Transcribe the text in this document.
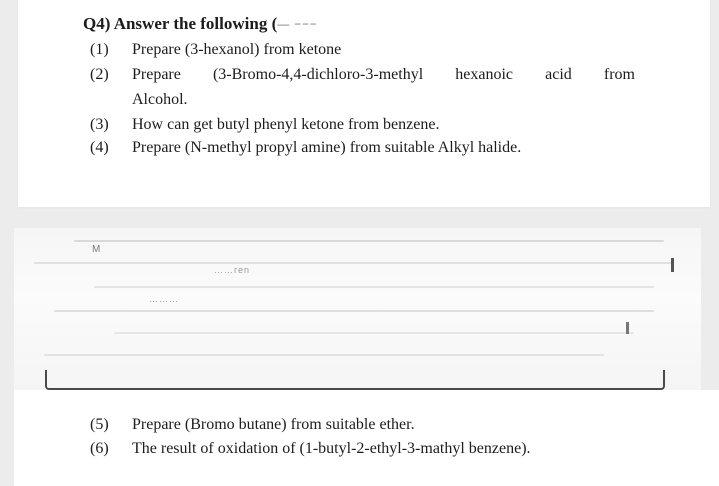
M
……ren
………
Q4) Answer the following (— −−−
(1) Prepare (3-hexanol) from ketone
(2) Prepare (3-Bromo-4,4-dichloro-3-methyl hexanoic acid from
Alcohol.
(3) How can get butyl phenyl ketone from benzene.
(4) Prepare (N-methyl propyl amine) from suitable Alkyl halide.
(5) Prepare (Bromo butane) from suitable ether.
(6) The result of oxidation of (1-butyl-2-ethyl-3-mathyl benzene).
